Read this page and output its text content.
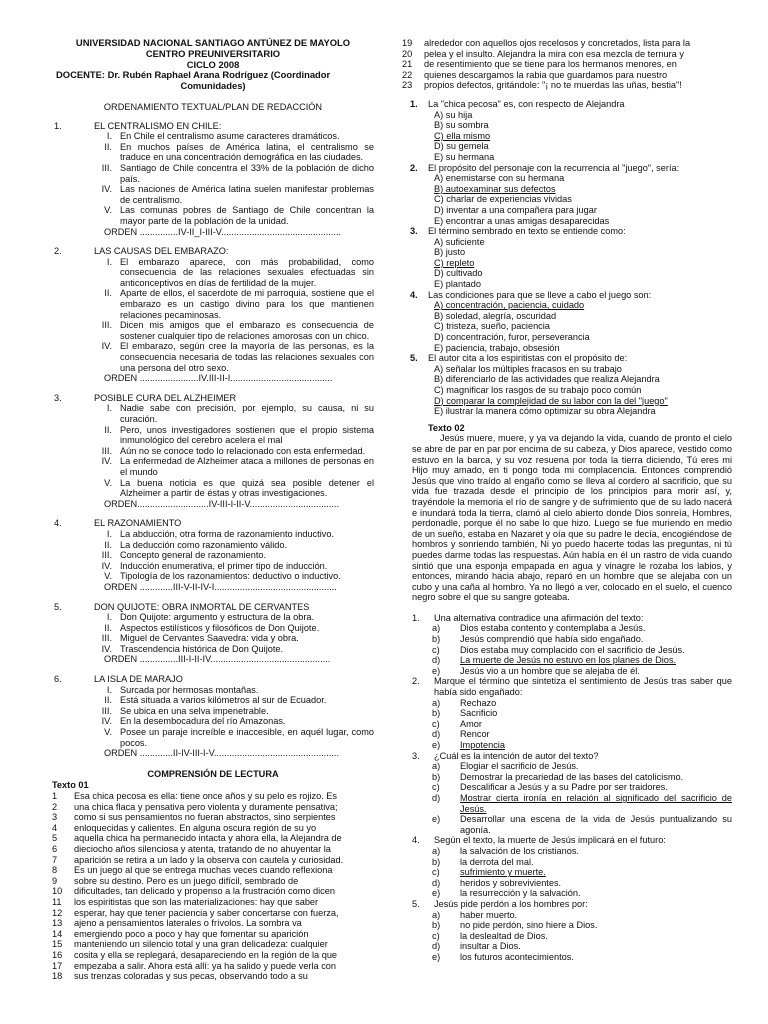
UNIVERSIDAD NACIONAL SANTIAGO ANTÚNEZ DE MAYOLO
CENTRO PREUNIVERSITARIO
CICLO 2008
DOCENTE: Dr. Rubén Raphael Arana Rodríguez (Coordinador
Comunidades)
ORDENAMIENTO TEXTUAL/PLAN DE REDACCIÓN
1.	EL CENTRALISMO EN CHILE:
I. En Chile el centralismo asume caracteres dramáticos.
II. En muchos países de América latina, el centralismo se traduce en una concentración demográfica en las ciudades.
III. Santiago de Chile concentra el 33% de la población de dicho país.
IV. Las naciones de América latina suelen manifestar problemas de centralismo.
V. Las comunas pobres de Santiago de Chile concentran la mayor parte de la población de la unidad.
ORDEN ...............IV-II_I-III-V...............................................
2.	LAS CAUSAS DEL EMBARAZO:
I. El embarazo aparece, con más probabilidad, como consecuencia de las relaciones sexuales efectuadas sin anticonceptivos en días de fertilidad de la mujer.
II. Aparte de ellos, el sacerdote de mi parroquia, sostiene que el embarazo es un castigo divino para los que mantienen relaciones pecaminosas.
III. Dicen mis amigos que el embarazo es consecuencia de sostener cualquier tipo de relaciones amorosas con un chico.
IV. El embarazo, según cree la mayoría de las personas, es la consecuencia necesaria de todas las relaciones sexuales con una persona del otro sexo.
ORDEN .......................IV.III-II-I........................................
3.	POSIBLE CURA DEL ALZHEIMER
I. Nadie sabe con precisión, por ejemplo, su causa, ni su curación.
II. Pero, unos investigadores sostienen que el propio sistema inmunológico del cerebro acelera el mal
III. Aún no se conoce todo lo relacionado con esta enfermedad.
IV. La enfermedad de Alzheimer ataca a millones de personas en el mundo
V. La buena noticia es que quizá sea posible detener el Alzheimer a partir de éstas y otras investigaciones.
ORDEN............................IV-III-I-II-V...................................
4.	EL RAZONAMIENTO
I. La abducción, otra forma de razonamiento inductivo.
II. La deducción como razonamiento válido.
III. Concepto general de razonamiento.
IV. Inducción enumerativa, el primer tipo de inducción.
V. Tipología de los razonamientos: deductivo o inductivo.
ORDEN .............III-V-II-IV-I................................................
5.	DON QUIJOTE: OBRA INMORTAL DE CERVANTES
I. Don Quijote: argumento y estructura de la obra.
II. Aspectos estilísticos y filosóficos de Don Quijote.
III. Miguel de Cervantes Saavedra: vida y obra.
IV. Trascendencia histórica de Don Quijote.
ORDEN ...............III-I-II-IV...............................................
6.	LA ISLA DE MARAJO
I. Surcada por hermosas montañas.
II. Está situada a varios kilómetros al sur de Ecuador.
III. Se ubica en una selva impenetrable.
IV. En la desembocadura del río Amazonas.
V. Posee un paraje increíble e inaccesible, en aquél lugar, como pocos.
ORDEN .............II-IV-III-I-V.................................................
COMPRENSIÓN DE LECTURA
Texto 01
1	Esa chica pecosa es ella: tiene once años y su pelo es rojizo. Es
2	una chica flaca y pensativa pero violenta y duramente pensativa;
3	como si sus pensamientos no fueran abstractos, sino serpientes
4	enloquecidas y calientes. En alguna oscura región de su yo
5	aquella chica ha permanecido intacta y ahora ella, la Alejandra de
6	dieciocho años silenciosa y atenta, tratando de no ahuyentar la
7	aparición se retira a un lado y la observa con cautela y curiosidad.
8	Es un juego al que se entrega muchas veces cuando reflexiona
9	sobre su destino. Pero es un juego difícil, sembrado de
10	dificultades, tan delicado y propenso a la frustración como dicen
11	los espiritistas que son las materializaciones: hay que saber
12	esperar, hay que tener paciencia y saber concertarse con fuerza,
13	ajeno a pensamientos laterales o frívolos. La sombra va
14	emergiendo poco a poco y hay que fomentar su aparición
15	manteniendo un silencio total y una gran delicadeza: cualquier
16	cosita y ella se replegará, desapareciendo en la región de la que
17	empezaba a salir. Ahora está allí: ya ha salido y puede verla con
18	sus trenzas coloradas y sus pecas, observando todo a su
19	alrededor con aquellos ojos recelosos y concretados, lista para la
20	pelea y el insulto. Alejandra la mira con esa mezcla de ternura y
21	de resentimiento que se tiene para los hermanos menores, en
22	quienes descargamos la rabia que guardamos para nuestro
23	propios defectos, gritándole: "¡ no te muerdas las uñas, bestia"!
1. La "chica pecosa" es, con respecto de Alejandra
A) su hija
B) su sombra
C) ella mismo
D) su gemela
E) su hermana
2. El propósito del personaje con la recurrencia al "juego", sería:
A) enemistarse con su hermana
B) autoexaminar sus defectos
C) charlar de experiencias vividas
D) inventar a una compañera para jugar
E) encontrar a unas amigas desaparecidas
3. El término sembrado en texto se entiende como:
A) suficiente
B) justo
C) repleto
D) cultivado
E) plantado
4. Las condiciones para que se lleve a cabo el juego son:
A) concentración, paciencia, cuidado
B) soledad, alegría, oscuridad
C) tristeza, sueño, paciencia
D) concentración, furor, perseverancia
E) paciencia, trabajo, obsesión
5. El autor cita a los espiritistas con el propósito de:
A) señalar los múltiples fracasos en su trabajo
B) diferenciarlo de las actividades que realiza Alejandra
C) magnificar los rasgos de su trabajo poco común
D) comparar la complejidad de su labor con la del "juego"
E) ilustrar la manera cómo optimizar su obra Alejandra
Texto 02
Jesús muere, muere, y ya va dejando la vida, cuando de pronto el cielo se abre de par en par por encima de su cabeza, y Dios aparece, vestido como estuvo en la barca, y su voz resuena por toda la tierra diciendo, Tú eres mi Hijo muy amado, en ti pongo toda mi complacencia. Entonces comprendió Jesús que vino traído al engaño como se lleva al cordero al sacrificio, que su vida fue trazada desde el principio de los principios para morir así, y, trayéndole la memoria el río de sangre y de sufrimiento que de su lado nacerá e inundará toda la tierra, clamó al cielo abierto donde Dios sonreía, Hombres, perdonadle, porque él no sabe lo que hizo. Luego se fue muriendo en medio de un sueño, estaba en Nazaret y oía que su padre le decía, encogiéndose de hombros y sonriendo también, Ni yo puedo hacerte todas las preguntas, ni tú puedes darme todas las respuestas. Aún había en él un rastro de vida cuando sintió que una esponja empapada en agua y vinagre le rozaba los labios, y entonces, mirando hacia abajo, reparó en un hombre que se alejaba con un cubo y una caña al hombro. Ya no llegó a ver, colocado en el suelo, el cuenco negro sobre el que su sangre goteaba.
1. Una alternativa contradice una afirmación del texto:
a) Dios estaba contento y contemplaba a Jesús.
b) Jesús comprendió que había sido engañado.
c) Dios estaba muy complacido con el sacrificio de Jesús.
d) La muerte de Jesús no estuvo en los planes de Dios.
e) Jesús vio a un hombre que se alejaba de él.
2. Marque el término que sintetiza el sentimiento de Jesús tras saber que había sido engañado:
a) Rechazo
b) Sacrificio
c) Amor
d) Rencor
e) Impotencia
3. ¿Cuál es la intención de autor del texto?
a) Elogiar el sacrificio de Jesús.
b) Demostrar la precariedad de las bases del catolicismo.
c) Descalificar a Jesús y a su Padre por ser traidores.
d) Mostrar cierta ironía en relación al significado del sacrificio de Jesús.
e) Desarrollar una escena de la vida de Jesús puntualizando su agonía.
4. Según el texto, la muerte de Jesús implicará en el futuro:
a) la salvación de los cristianos.
b) la derrota del mal.
c) sufrimiento y muerte.
d) heridos y sobrevivientes.
e) la resurrección y la salvación.
5. Jesús pide perdón a los hombres por:
a) haber muerto.
b) no pide perdón, sino hiere a Dios.
c) la deslealtad de Dios.
d) insultar a Dios.
e) los futuros acontecimientos.
